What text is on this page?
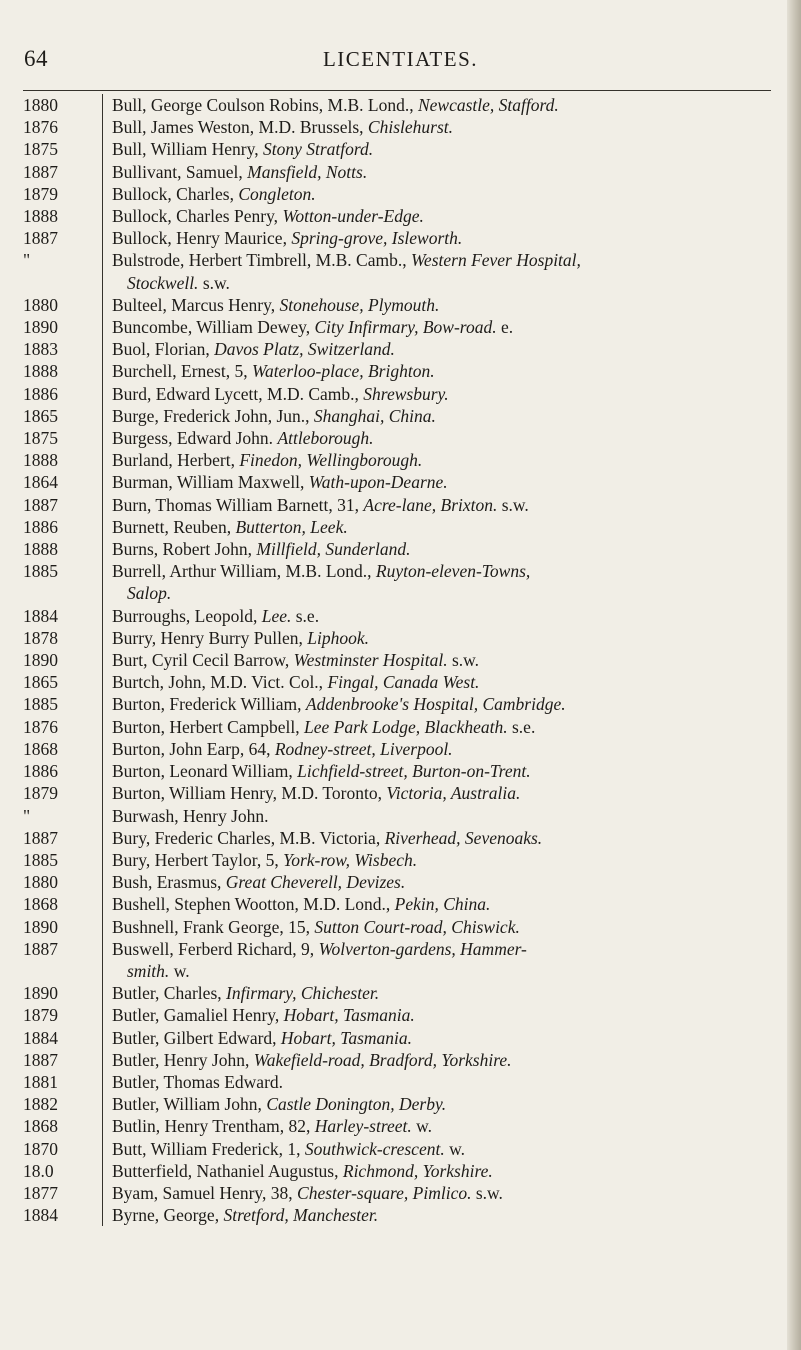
64	LICENTIATES.
1880	Bull, George Coulson Robins, M.B. Lond., Newcastle, Stafford.
1876	Bull, James Weston, M.D. Brussels, Chislehurst.
1875	Bull, William Henry, Stony Stratford.
1887	Bullivant, Samuel, Mansfield, Notts.
1879	Bullock, Charles, Congleton.
1888	Bullock, Charles Penry, Wotton-under-Edge.
1887	Bullock, Henry Maurice, Spring-grove, Isleworth.
"	Bulstrode, Herbert Timbrell, M.B. Camb., Western Fever Hospital,
Stockwell. s.w.
1880	Bulteel, Marcus Henry, Stonehouse, Plymouth.
1890	Buncombe, William Dewey, City Infirmary, Bow-road. e.
1883	Buol, Florian, Davos Platz, Switzerland.
1888	Burchell, Ernest, 5, Waterloo-place, Brighton.
1886	Burd, Edward Lycett, M.D. Camb., Shrewsbury.
1865	Burge, Frederick John, Jun., Shanghai, China.
1875	Burgess, Edward John. Attleborough.
1888	Burland, Herbert, Finedon, Wellingborough.
1864	Burman, William Maxwell, Wath-upon-Dearne.
1887	Burn, Thomas William Barnett, 31, Acre-lane, Brixton. s.w.
1886	Burnett, Reuben, Butterton, Leek.
1888	Burns, Robert John, Millfield, Sunderland.
1885	Burrell, Arthur William, M.B. Lond., Ruyton-eleven-Towns,
Salop.
1884	Burroughs, Leopold, Lee. s.e.
1878	Burry, Henry Burry Pullen, Liphook.
1890	Burt, Cyril Cecil Barrow, Westminster Hospital. s.w.
1865	Burtch, John, M.D. Vict. Col., Fingal, Canada West.
1885	Burton, Frederick William, Addenbrooke's Hospital, Cambridge.
1876	Burton, Herbert Campbell, Lee Park Lodge, Blackheath. s.e.
1868	Burton, John Earp, 64, Rodney-street, Liverpool.
1886	Burton, Leonard William, Lichfield-street, Burton-on-Trent.
1879	Burton, William Henry, M.D. Toronto, Victoria, Australia.
"	Burwash, Henry John.
1887	Bury, Frederic Charles, M.B. Victoria, Riverhead, Sevenoaks.
1885	Bury, Herbert Taylor, 5, York-row, Wisbech.
1880	Bush, Erasmus, Great Cheverell, Devizes.
1868	Bushell, Stephen Wootton, M.D. Lond., Pekin, China.
1890	Bushnell, Frank George, 15, Sutton Court-road, Chiswick.
1887	Buswell, Ferberd Richard, 9, Wolverton-gardens, Hammer-
smith. w.
1890	Butler, Charles, Infirmary, Chichester.
1879	Butler, Gamaliel Henry, Hobart, Tasmania.
1884	Butler, Gilbert Edward, Hobart, Tasmania.
1887	Butler, Henry John, Wakefield-road, Bradford, Yorkshire.
1881	Butler, Thomas Edward.
1882	Butler, William John, Castle Donington, Derby.
1868	Butlin, Henry Trentham, 82, Harley-street. w.
1870	Butt, William Frederick, 1, Southwick-crescent. w.
18.0	Butterfield, Nathaniel Augustus, Richmond, Yorkshire.
1877	Byam, Samuel Henry, 38, Chester-square, Pimlico. s.w.
1884	Byrne, George, Stretford, Manchester.
